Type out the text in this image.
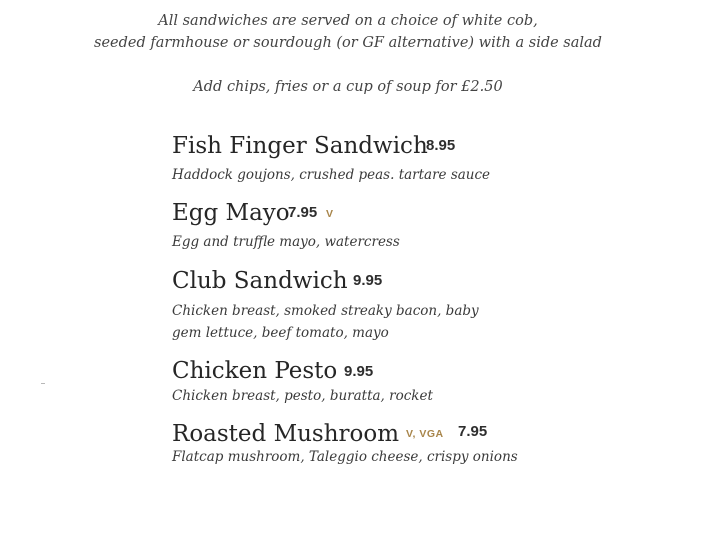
All sandwiches are served on a choice of white cob,
seeded farmhouse or sourdough (or GF alternative) with a side salad
Add chips, fries or a cup of soup for £2.50
Fish Finger Sandwich
8.95
Haddock goujons, crushed peas. tartare sauce
Egg Mayo
7.95 V
Egg and truffle mayo, watercress
Club Sandwich 9.95
Chicken breast, smoked streaky bacon, baby
gem lettuce, beef tomato, mayo
Chicken Pesto 9.95
Chicken breast, pesto, buratta, rocket
Roasted Mushroom V, VGA 7.95
Flatcap mushroom, Taleggio cheese, crispy onions
